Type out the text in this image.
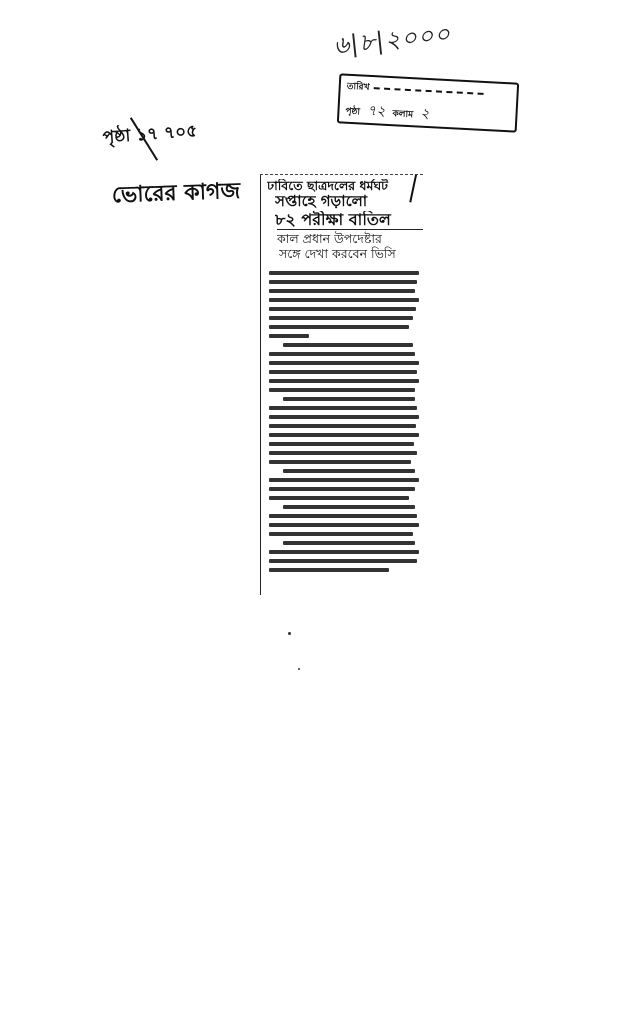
৬|৮|২০০০
তারিখ
পৃষ্ঠা ৭২ কলাম ২
পৃষ্ঠা ১৭ ৭০৫
ভোরের কাগজ ঢাবিতে ছাত্রদলের ধর্মঘট
সপ্তাহে গড়ালো
৮২ পরীক্ষা বাতিল
কাল প্রধান উপদেষ্টার
সঙ্গে দেখা করবেন ভিসি
